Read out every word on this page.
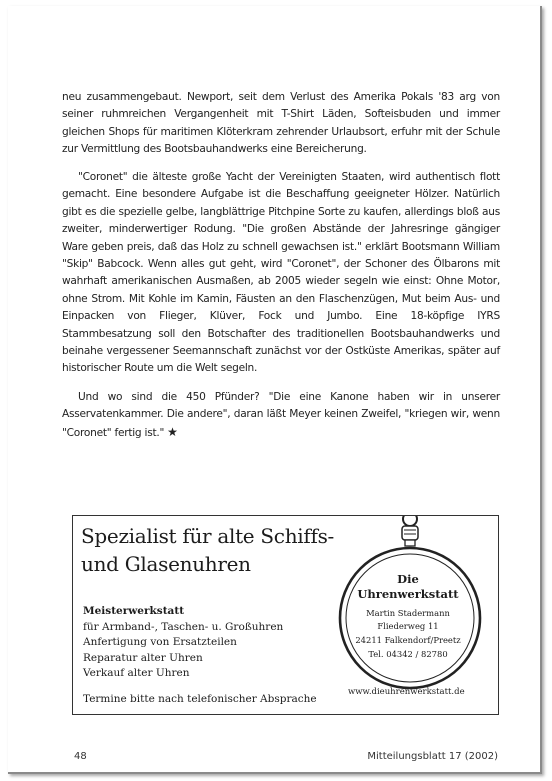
neu zusammengebaut. Newport, seit dem Verlust des Amerika Pokals '83 arg von seiner ruhmreichen Vergangenheit mit T-Shirt Läden, Softeisbuden und immer gleichen Shops für maritimen Klöterkram zehrender Urlaubsort, erfuhr mit der Schule zur Vermittlung des Bootsbauhandwerks eine Bereicherung.

"Coronet" die älteste große Yacht der Vereinigten Staaten, wird authentisch flott gemacht. Eine besondere Aufgabe ist die Beschaffung geeigneter Hölzer. Natürlich gibt es die spezielle gelbe, langblättrige Pitchpine Sorte zu kaufen, allerdings bloß aus zweiter, minderwertiger Rodung. "Die großen Abstände der Jahresringe gängiger Ware geben preis, daß das Holz zu schnell gewachsen ist." erklärt Bootsmann William "Skip" Babcock. Wenn alles gut geht, wird "Coronet", der Schoner des Ölbarons mit wahrhaft amerikanischen Ausmaßen, ab 2005 wieder segeln wie einst: Ohne Motor, ohne Strom. Mit Kohle im Kamin, Fäusten an den Flaschenzügen, Mut beim Aus- und Einpacken von Flieger, Klüver, Fock und Jumbo. Eine 18-köpfige IYRS Stammbesatzung soll den Botschafter des traditionellen Bootsbauhandwerks und beinahe vergessener Seemannschaft zunächst vor der Ostküste Amerikas, später auf historischer Route um die Welt segeln.

Und wo sind die 450 Pfünder? "Die eine Kanone haben wir in unserer Asservatenkammer. Die andere", daran läßt Meyer keinen Zweifel, "kriegen wir, wenn "Coronet" fertig ist." ★

Spezialist für alte Schiffs-
und Glasenuhren
Meisterwerkstatt
für Armband-, Taschen- u. Großuhren
Anfertigung von Ersatzteilen
Reparatur alter Uhren
Verkauf alter Uhren
Termine bitte nach telefonischer Absprache
Die
Uhrenwerkstatt
Martin Stadermann
Fliederweg 11
24211 Falkendorf/Preetz
Tel. 04342 / 82780
www.dieuhrenwerkstatt.de
48	Mitteilungsblatt 17 (2002)
